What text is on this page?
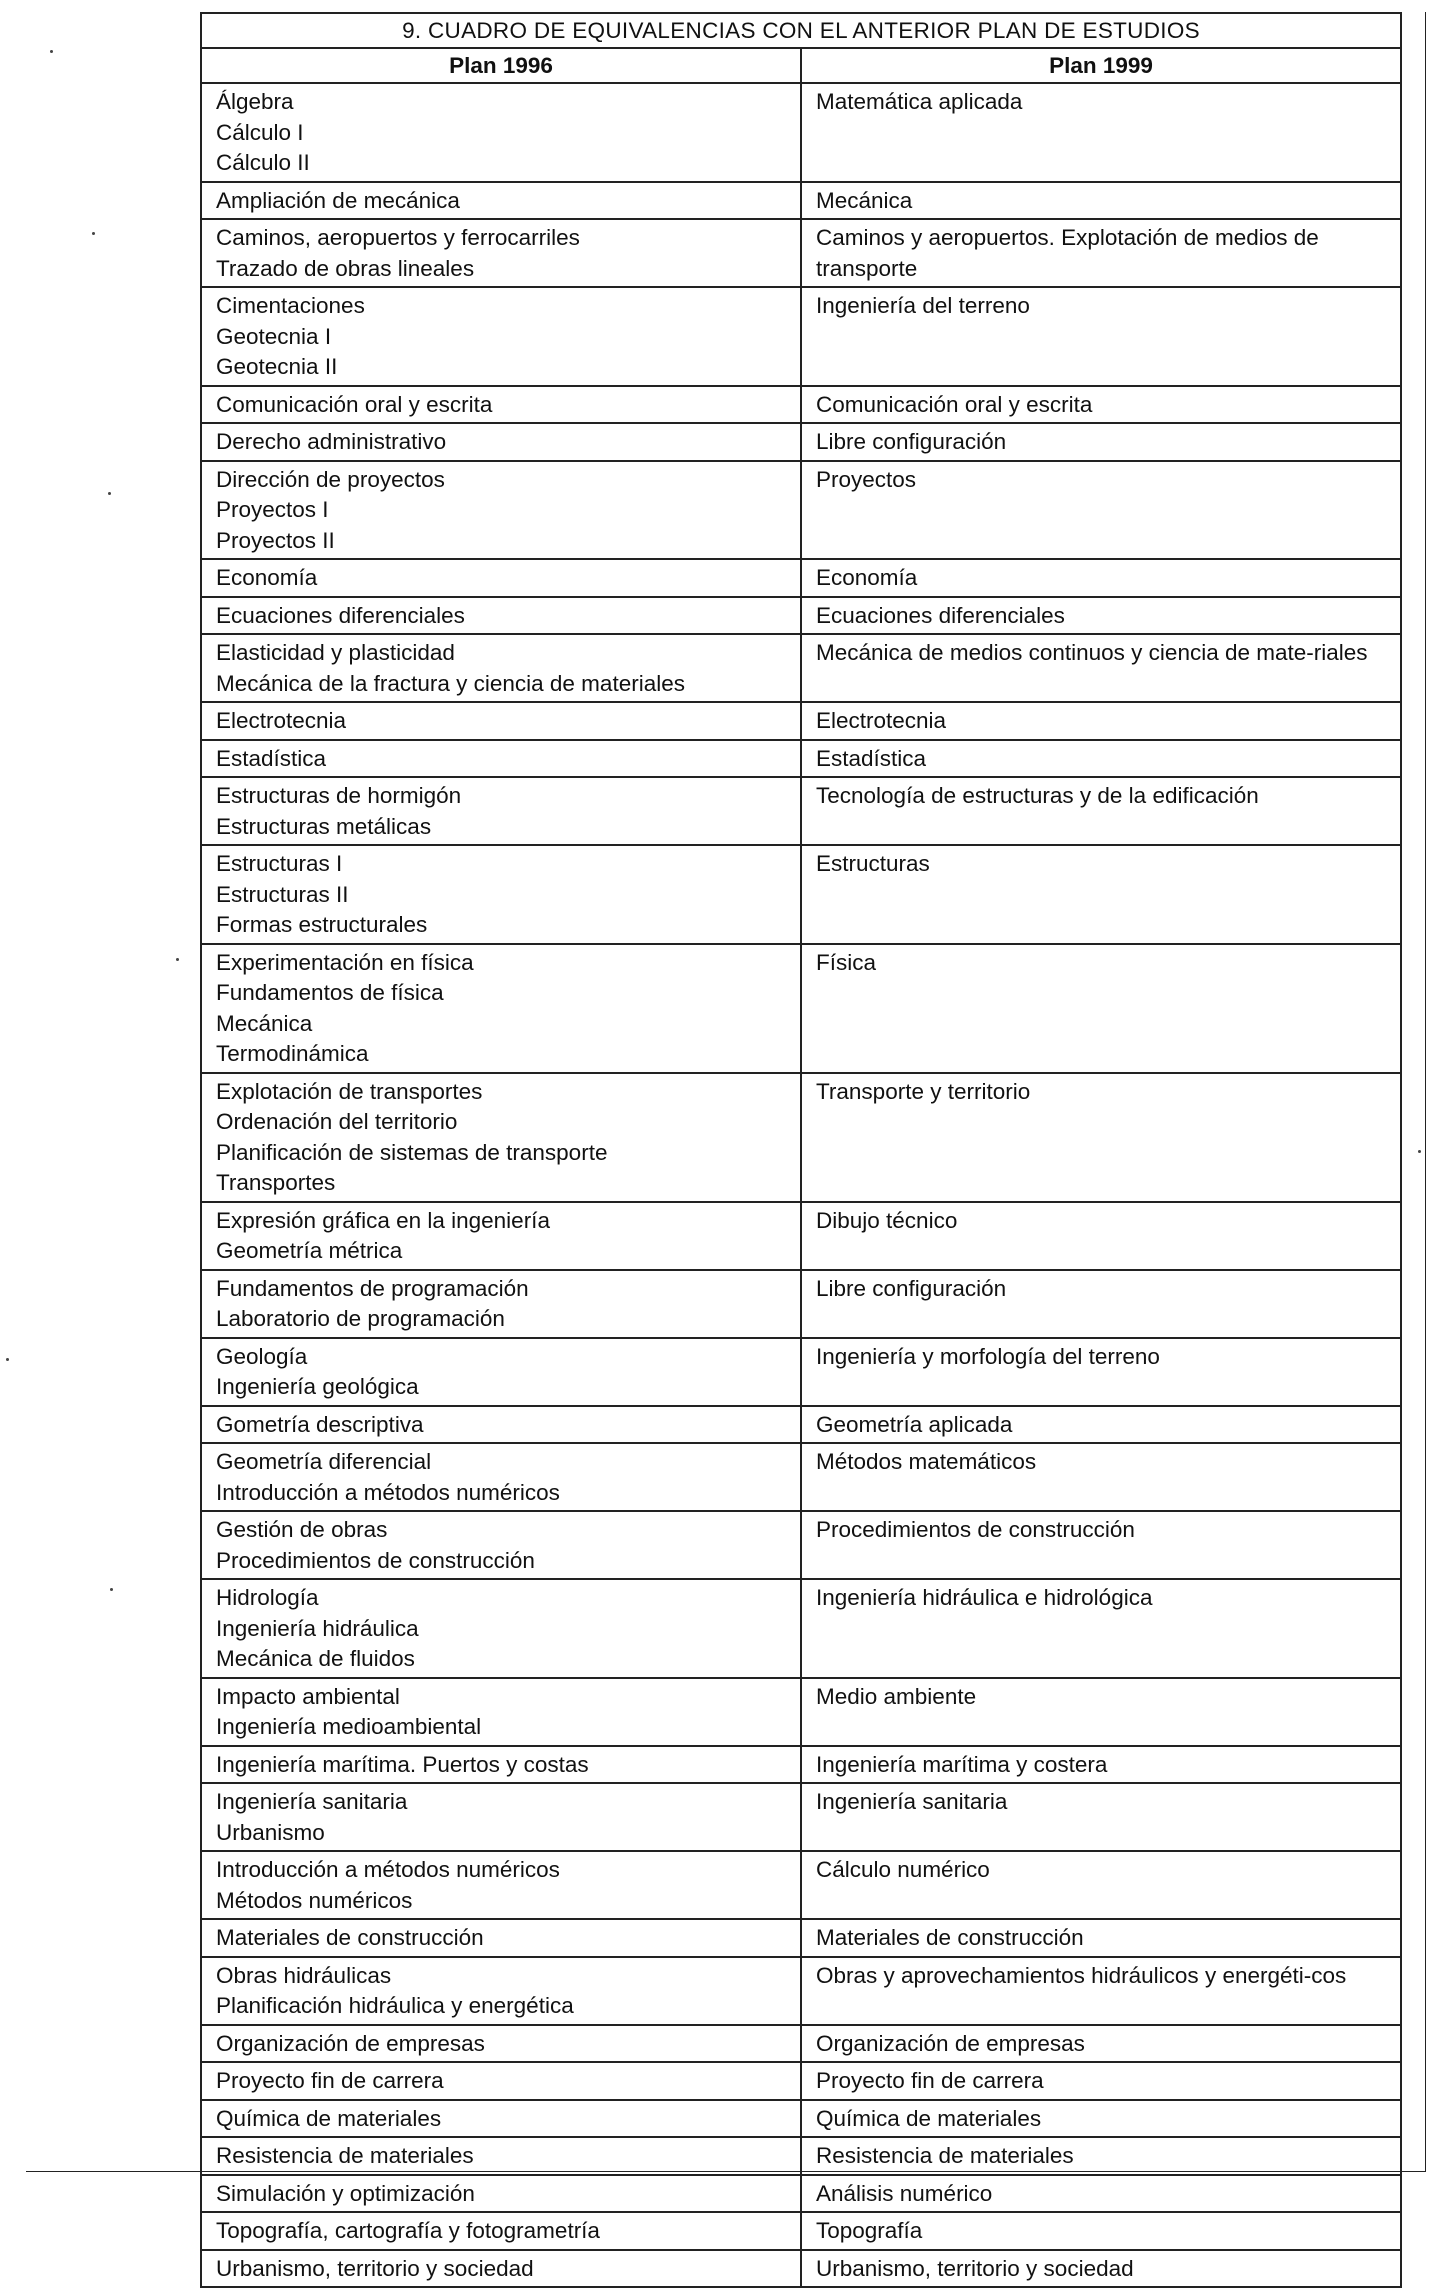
9. CUADRO DE EQUIVALENCIAS CON EL ANTERIOR PLAN DE ESTUDIOS	
Plan 1996	Plan 1999

Álgebra
Cálculo I
Cálculo II	Matemática aplicada

Ampliación de mecánica	Mecánica

Caminos, aeropuertos y ferrocarriles
Trazado de obras lineales	Caminos y aeropuertos. Explotación de medios de transporte

Cimentaciones
Geotecnia I
Geotecnia II	Ingeniería del terreno

Comunicación oral y escrita	Comunicación oral y escrita

Derecho administrativo	Libre configuración

Dirección de proyectos
Proyectos I
Proyectos II	Proyectos

Economía	Economía

Ecuaciones diferenciales	Ecuaciones diferenciales

Elasticidad y plasticidad
Mecánica de la fractura y ciencia de materiales	Mecánica de medios continuos y ciencia de mate-riales

Electrotecnia	Electrotecnia

Estadística	Estadística

Estructuras de hormigón
Estructuras metálicas	Tecnología de estructuras y de la edificación

Estructuras I
Estructuras II
Formas estructurales	Estructuras

Experimentación en física
Fundamentos de física
Mecánica
Termodinámica	Física

Explotación de transportes
Ordenación del territorio
Planificación de sistemas de transporte
Transportes	Transporte y territorio

Expresión gráfica en la ingeniería
Geometría métrica	Dibujo técnico

Fundamentos de programación
Laboratorio de programación	Libre configuración

Geología
Ingeniería geológica	Ingeniería y morfología del terreno

Gometría descriptiva	Geometría aplicada

Geometría diferencial
Introducción a métodos numéricos	Métodos matemáticos

Gestión de obras
Procedimientos de construcción	Procedimientos de construcción

Hidrología
Ingeniería hidráulica
Mecánica de fluidos	Ingeniería hidráulica e hidrológica

Impacto ambiental
Ingeniería medioambiental	Medio ambiente

Ingeniería marítima. Puertos y costas	Ingeniería marítima y costera

Ingeniería sanitaria
Urbanismo	Ingeniería sanitaria

Introducción a métodos numéricos
Métodos numéricos	Cálculo numérico

Materiales de construcción	Materiales de construcción

Obras hidráulicas
Planificación hidráulica y energética	Obras y aprovechamientos hidráulicos y energéti-cos

Organización de empresas	Organización de empresas

Proyecto fin de carrera	Proyecto fin de carrera

Química de materiales	Química de materiales

Resistencia de materiales	Resistencia de materiales

Simulación y optimización	Análisis numérico

Topografía, cartografía y fotogrametría	Topografía

Urbanismo, territorio y sociedad	Urbanismo, territorio y sociedad
